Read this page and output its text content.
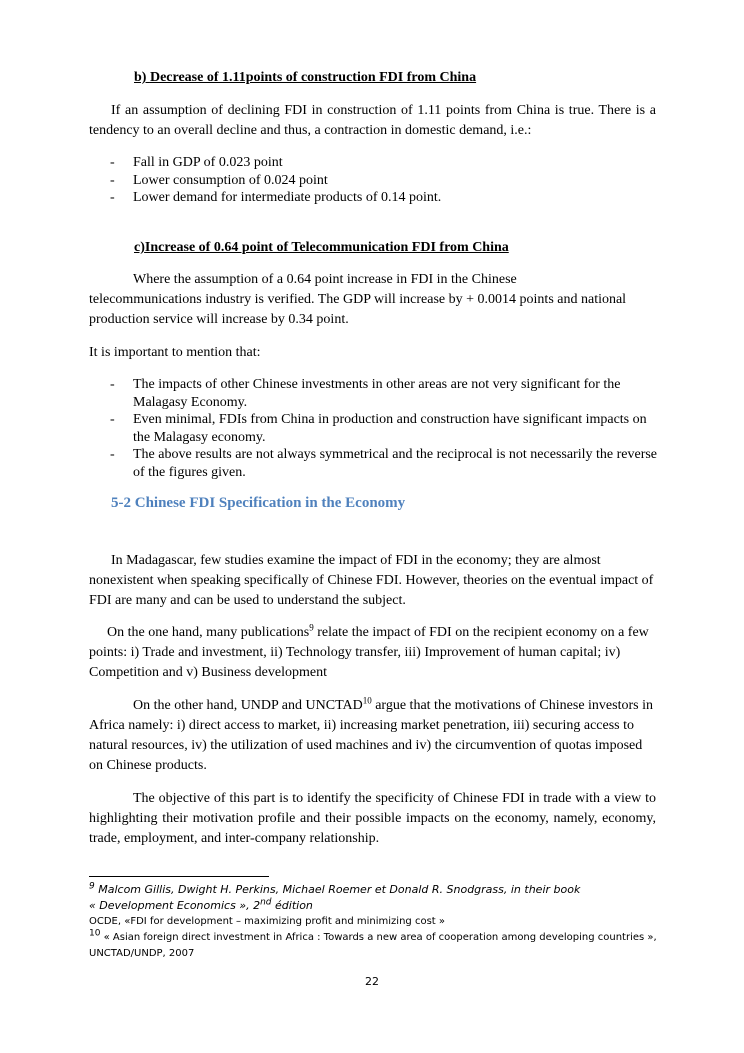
b) Decrease of 1.11points of construction FDI from China

If an assumption of declining FDI in construction of 1.11 points from China is true. There is a tendency to an overall decline and thus, a contraction in domestic demand, i.e.:

- Fall in GDP of 0.023 point
- Lower consumption of 0.024 point
- Lower demand for intermediate products of 0.14 point.

c)Increase of 0.64 point of Telecommunication FDI from China

Where the assumption of a 0.64 point increase in FDI in the Chinese
telecommunications industry is verified. The GDP will increase by + 0.0014 points and national production service will increase by 0.34 point.

It is important to mention that:

- The impacts of other Chinese investments in other areas are not very significant for the Malagasy Economy.
- Even minimal, FDIs from China in production and construction have significant impacts on the Malagasy economy.
- The above results are not always symmetrical and the reciprocal is not necessarily the reverse of the figures given.
5-2 Chinese FDI Specification in the Economy

In Madagascar, few studies examine the impact of FDI in the economy; they are almost nonexistent when speaking specifically of Chinese FDI. However, theories on the eventual impact of FDI are many and can be used to understand the subject.

On the one hand, many publications$^9$ relate the impact of FDI on the recipient economy on a few points: i) Trade and investment, ii) Technology transfer, iii) Improvement of human capital; iv) Competition and v) Business development

On the other hand, UNDP and UNCTAD$^{10}$ argue that the motivations of Chinese investors in Africa namely: i) direct access to market, ii) increasing market penetration, iii) securing access to natural resources, iv) the utilization of used machines and iv) the circumvention of quotas imposed on Chinese products.

The objective of this part is to identify the specificity of Chinese FDI in trade with a view to highlighting their motivation profile and their possible impacts on the economy, namely, economy, trade, employment, and inter-company relationship.

$^9$ Malcom Gillis, Dwight H. Perkins, Michael Roemer et Donald R. Snodgrass, in their book
« Development Economics », 2nd édition
OCDE, «FDI for development – maximizing profit and minimizing cost »
$^{10}$ « Asian foreign direct investment in Africa : Towards a new area of cooperation among developing countries », UNCTAD/UNDP, 2007
22
